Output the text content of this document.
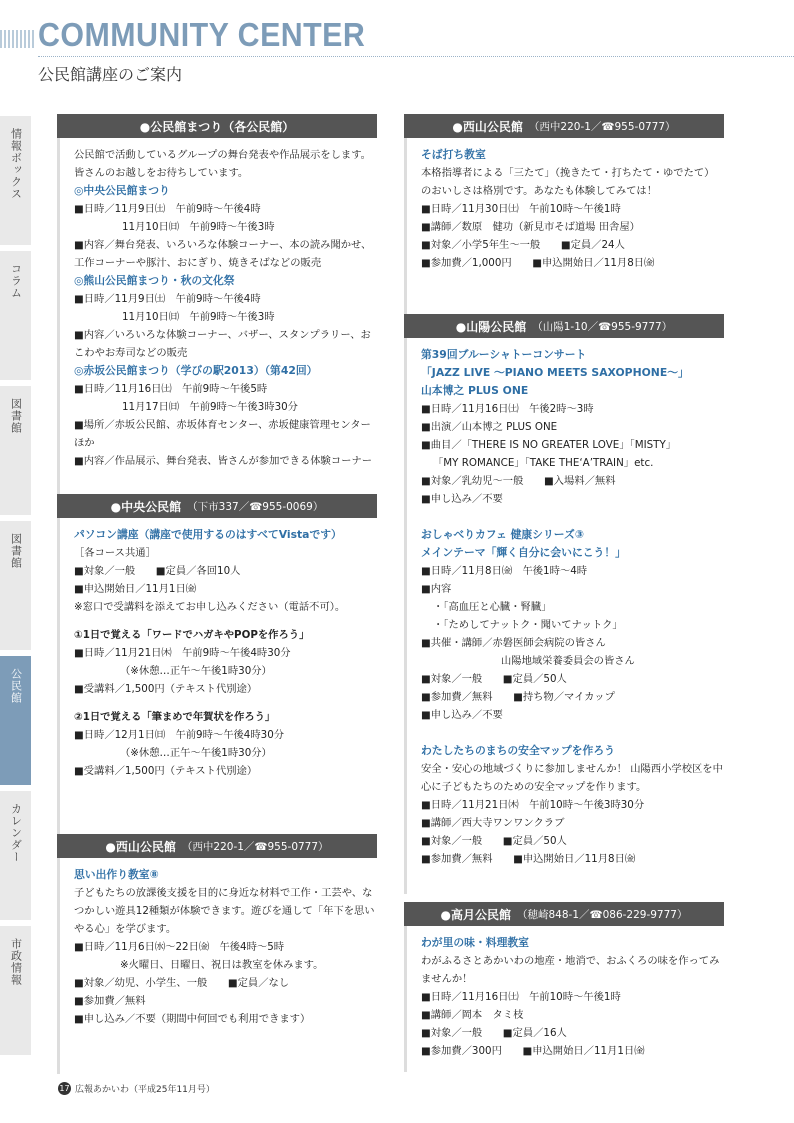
COMMUNITY CENTER
公民館講座のご案内
情報ボックス
コラム
図書館
図書館
公民館
カレンダー
市政情報
●公民館まつり（各公民館）
公民館で活動しているグループの舞台発表や作品展示をします。皆さんのお越しをお待ちしています。
◎中央公民館まつり
■日時／11月9日㈯　午前9時〜午後4時
11月10日㈰　午前9時〜午後3時
■内容／舞台発表、いろいろな体験コーナー、本の読み聞かせ、工作コーナーや豚汁、おにぎり、焼きそばなどの販売
◎熊山公民館まつり・秋の文化祭
■日時／11月9日㈯　午前9時〜午後4時
11月10日㈰　午前9時〜午後3時
■内容／いろいろな体験コーナー、バザー、スタンプラリー、おこわやお寿司などの販売
◎赤坂公民館まつり（学びの駅2013）（第42回）
■日時／11月16日㈯　午前9時〜午後5時
11月17日㈰　午前9時〜午後3時30分
■場所／赤坂公民館、赤坂体育センター、赤坂健康管理センターほか
■内容／作品展示、舞台発表、皆さんが参加できる体験コーナー
●中央公民館 （下市337／☎955-0069）
パソコン講座（講座で使用するのはすべてVistaです）
［各コース共通］
■対象／一般　　■定員／各回10人
■申込開始日／11月1日㈮
※窓口で受講料を添えてお申し込みください（電話不可）。
①1日で覚える「ワードでハガキやPOPを作ろう」
■日時／11月21日㈭　午前9時〜午後4時30分
（※休憩…正午〜午後1時30分）
■受講料／1,500円（テキスト代別途）
②1日で覚える「筆まめで年賀状を作ろう」
■日時／12月1日㈰　午前9時〜午後4時30分
（※休憩…正午〜午後1時30分）
■受講料／1,500円（テキスト代別途）
●西山公民館 （西中220-1／☎955-0777）
思い出作り教室⑧
子どもたちの放課後支援を目的に身近な材料で工作・工芸や、なつかしい遊具12種類が体験できます。遊びを通して「年下を思いやる心」を学びます。
■日時／11月6日㈬〜22日㈮　午後4時〜5時
※火曜日、日曜日、祝日は教室を休みます。
■対象／幼児、小学生、一般　　■定員／なし
■参加費／無料
■申し込み／不要（期間中何回でも利用できます）
●西山公民館 （西中220-1／☎955-0777）
そば打ち教室
本格指導者による「三たて」（挽きたて・打ちたて・ゆでたて）のおいしさは格別です。あなたも体験してみては！
■日時／11月30日㈯　午前10時〜午後1時
■講師／数原　健功（新見市そば道場 田舎屋）
■対象／小学5年生〜一般　　■定員／24人
■参加費／1,000円　　■申込開始日／11月8日㈮
●山陽公民館 （山陽1-10／☎955-9777）
第39回ブルーシャトーコンサート
「JAZZ LIVE 〜PIANO MEETS SAXOPHONE〜」
山本博之 PLUS ONE
■日時／11月16日㈯　午後2時〜3時
■出演／山本博之 PLUS ONE
■曲目／「THERE IS NO GREATER LOVE」「MISTY」
「MY ROMANCE」「TAKE THE‘A’TRAIN」etc.
■対象／乳幼児〜一般　　■入場料／無料
■申し込み／不要
おしゃべりカフェ 健康シリーズ③
メインテーマ「輝く自分に会いにこう！」
■日時／11月8日㈮　午後1時〜4時
■内容
・「高血圧と心臓・腎臓」
・「ためしてナットク・聞いてナットク」
■共催・講師／赤磐医師会病院の皆さん
山陽地域栄養委員会の皆さん
■対象／一般　　■定員／50人
■参加費／無料　　■持ち物／マイカップ
■申し込み／不要
わたしたちのまちの安全マップを作ろう
安全・安心の地域づくりに参加しませんか！ 山陽西小学校区を中心に子どもたちのための安全マップを作ります。
■日時／11月21日㈭　午前10時〜午後3時30分
■講師／西大寺ワンワンクラブ
■対象／一般　　■定員／50人
■参加費／無料　　■申込開始日／11月8日㈮
●高月公民館 （穂崎848-1／☎086-229-9777）
わが里の味・料理教室
わがふるさとあかいわの地産・地消で、おふくろの味を作ってみませんか！
■日時／11月16日㈯　午前10時〜午後1時
■講師／岡本　タミ枝
■対象／一般　　■定員／16人
■参加費／300円　　■申込開始日／11月1日㈮
17 広報あかいわ（平成25年11月号）
